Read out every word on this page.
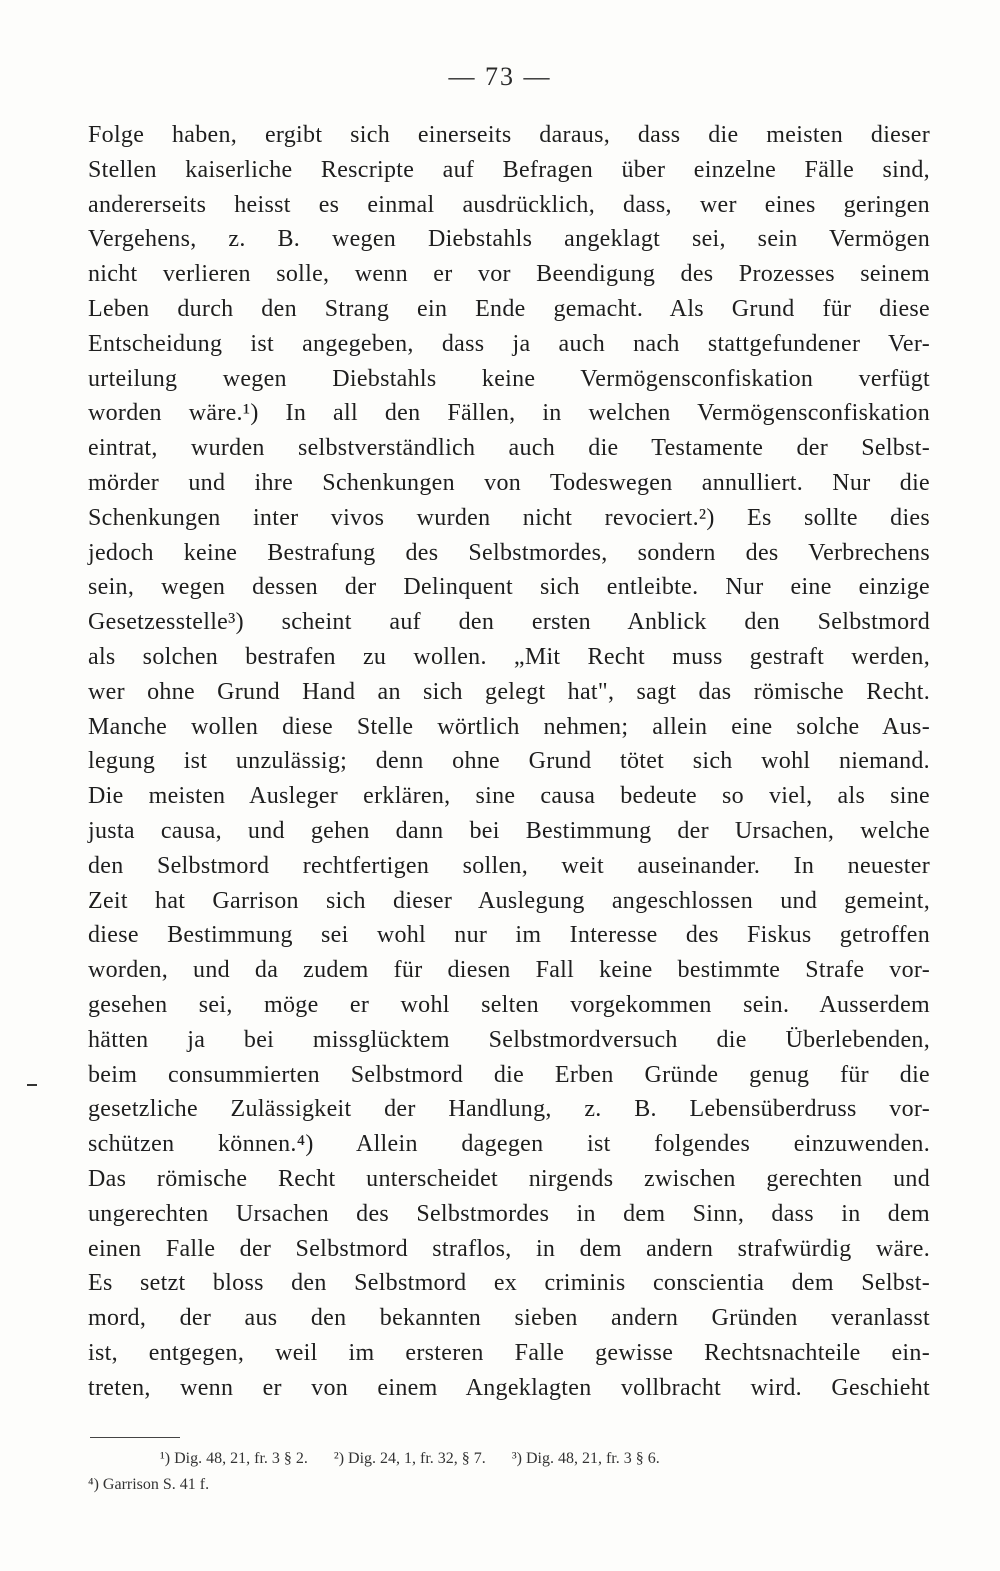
— 73 —
Folge haben, ergibt sich einerseits daraus, dass die meisten dieser
Stellen kaiserliche Rescripte auf Befragen über einzelne Fälle sind,
andererseits heisst es einmal ausdrücklich, dass, wer eines geringen
Vergehens, z. B. wegen Diebstahls angeklagt sei, sein Vermögen
nicht verlieren solle, wenn er vor Beendigung des Prozesses seinem
Leben durch den Strang ein Ende gemacht. Als Grund für diese
Entscheidung ist angegeben, dass ja auch nach stattgefundener Ver-
urteilung wegen Diebstahls keine Vermögensconfiskation verfügt
worden wäre.¹) In all den Fällen, in welchen Vermögensconfiskation
eintrat, wurden selbstverständlich auch die Testamente der Selbst-
mörder und ihre Schenkungen von Todeswegen annulliert. Nur die
Schenkungen inter vivos wurden nicht revociert.²) Es sollte dies
jedoch keine Bestrafung des Selbstmordes, sondern des Verbrechens
sein, wegen dessen der Delinquent sich entleibte. Nur eine einzige
Gesetzesstelle³) scheint auf den ersten Anblick den Selbstmord
als solchen bestrafen zu wollen. „Mit Recht muss gestraft werden,
wer ohne Grund Hand an sich gelegt hat", sagt das römische Recht.
Manche wollen diese Stelle wörtlich nehmen; allein eine solche Aus-
legung ist unzulässig; denn ohne Grund tötet sich wohl niemand.
Die meisten Ausleger erklären, sine causa bedeute so viel, als sine
justa causa, und gehen dann bei Bestimmung der Ursachen, welche
den Selbstmord rechtfertigen sollen, weit auseinander. In neuester
Zeit hat Garrison sich dieser Auslegung angeschlossen und gemeint,
diese Bestimmung sei wohl nur im Interesse des Fiskus getroffen
worden, und da zudem für diesen Fall keine bestimmte Strafe vor-
gesehen sei, möge er wohl selten vorgekommen sein. Ausserdem
hätten ja bei missglücktem Selbstmordversuch die Überlebenden,
beim consummierten Selbstmord die Erben Gründe genug für die
gesetzliche Zulässigkeit der Handlung, z. B. Lebensüberdruss vor-
schützen können.⁴) Allein dagegen ist folgendes einzuwenden.
Das römische Recht unterscheidet nirgends zwischen gerechten und
ungerechten Ursachen des Selbstmordes in dem Sinn, dass in dem
einen Falle der Selbstmord straflos, in dem andern strafwürdig wäre.
Es setzt bloss den Selbstmord ex criminis conscientia dem Selbst-
mord, der aus den bekannten sieben andern Gründen veranlasst
ist, entgegen, weil im ersteren Falle gewisse Rechtsnachteile ein-
treten, wenn er von einem Angeklagten vollbracht wird. Geschieht
¹) Dig. 48, 21, fr. 3 § 2. ²) Dig. 24, 1, fr. 32, § 7. ³) Dig. 48, 21, fr. 3 § 6.
⁴) Garrison S. 41 f.
